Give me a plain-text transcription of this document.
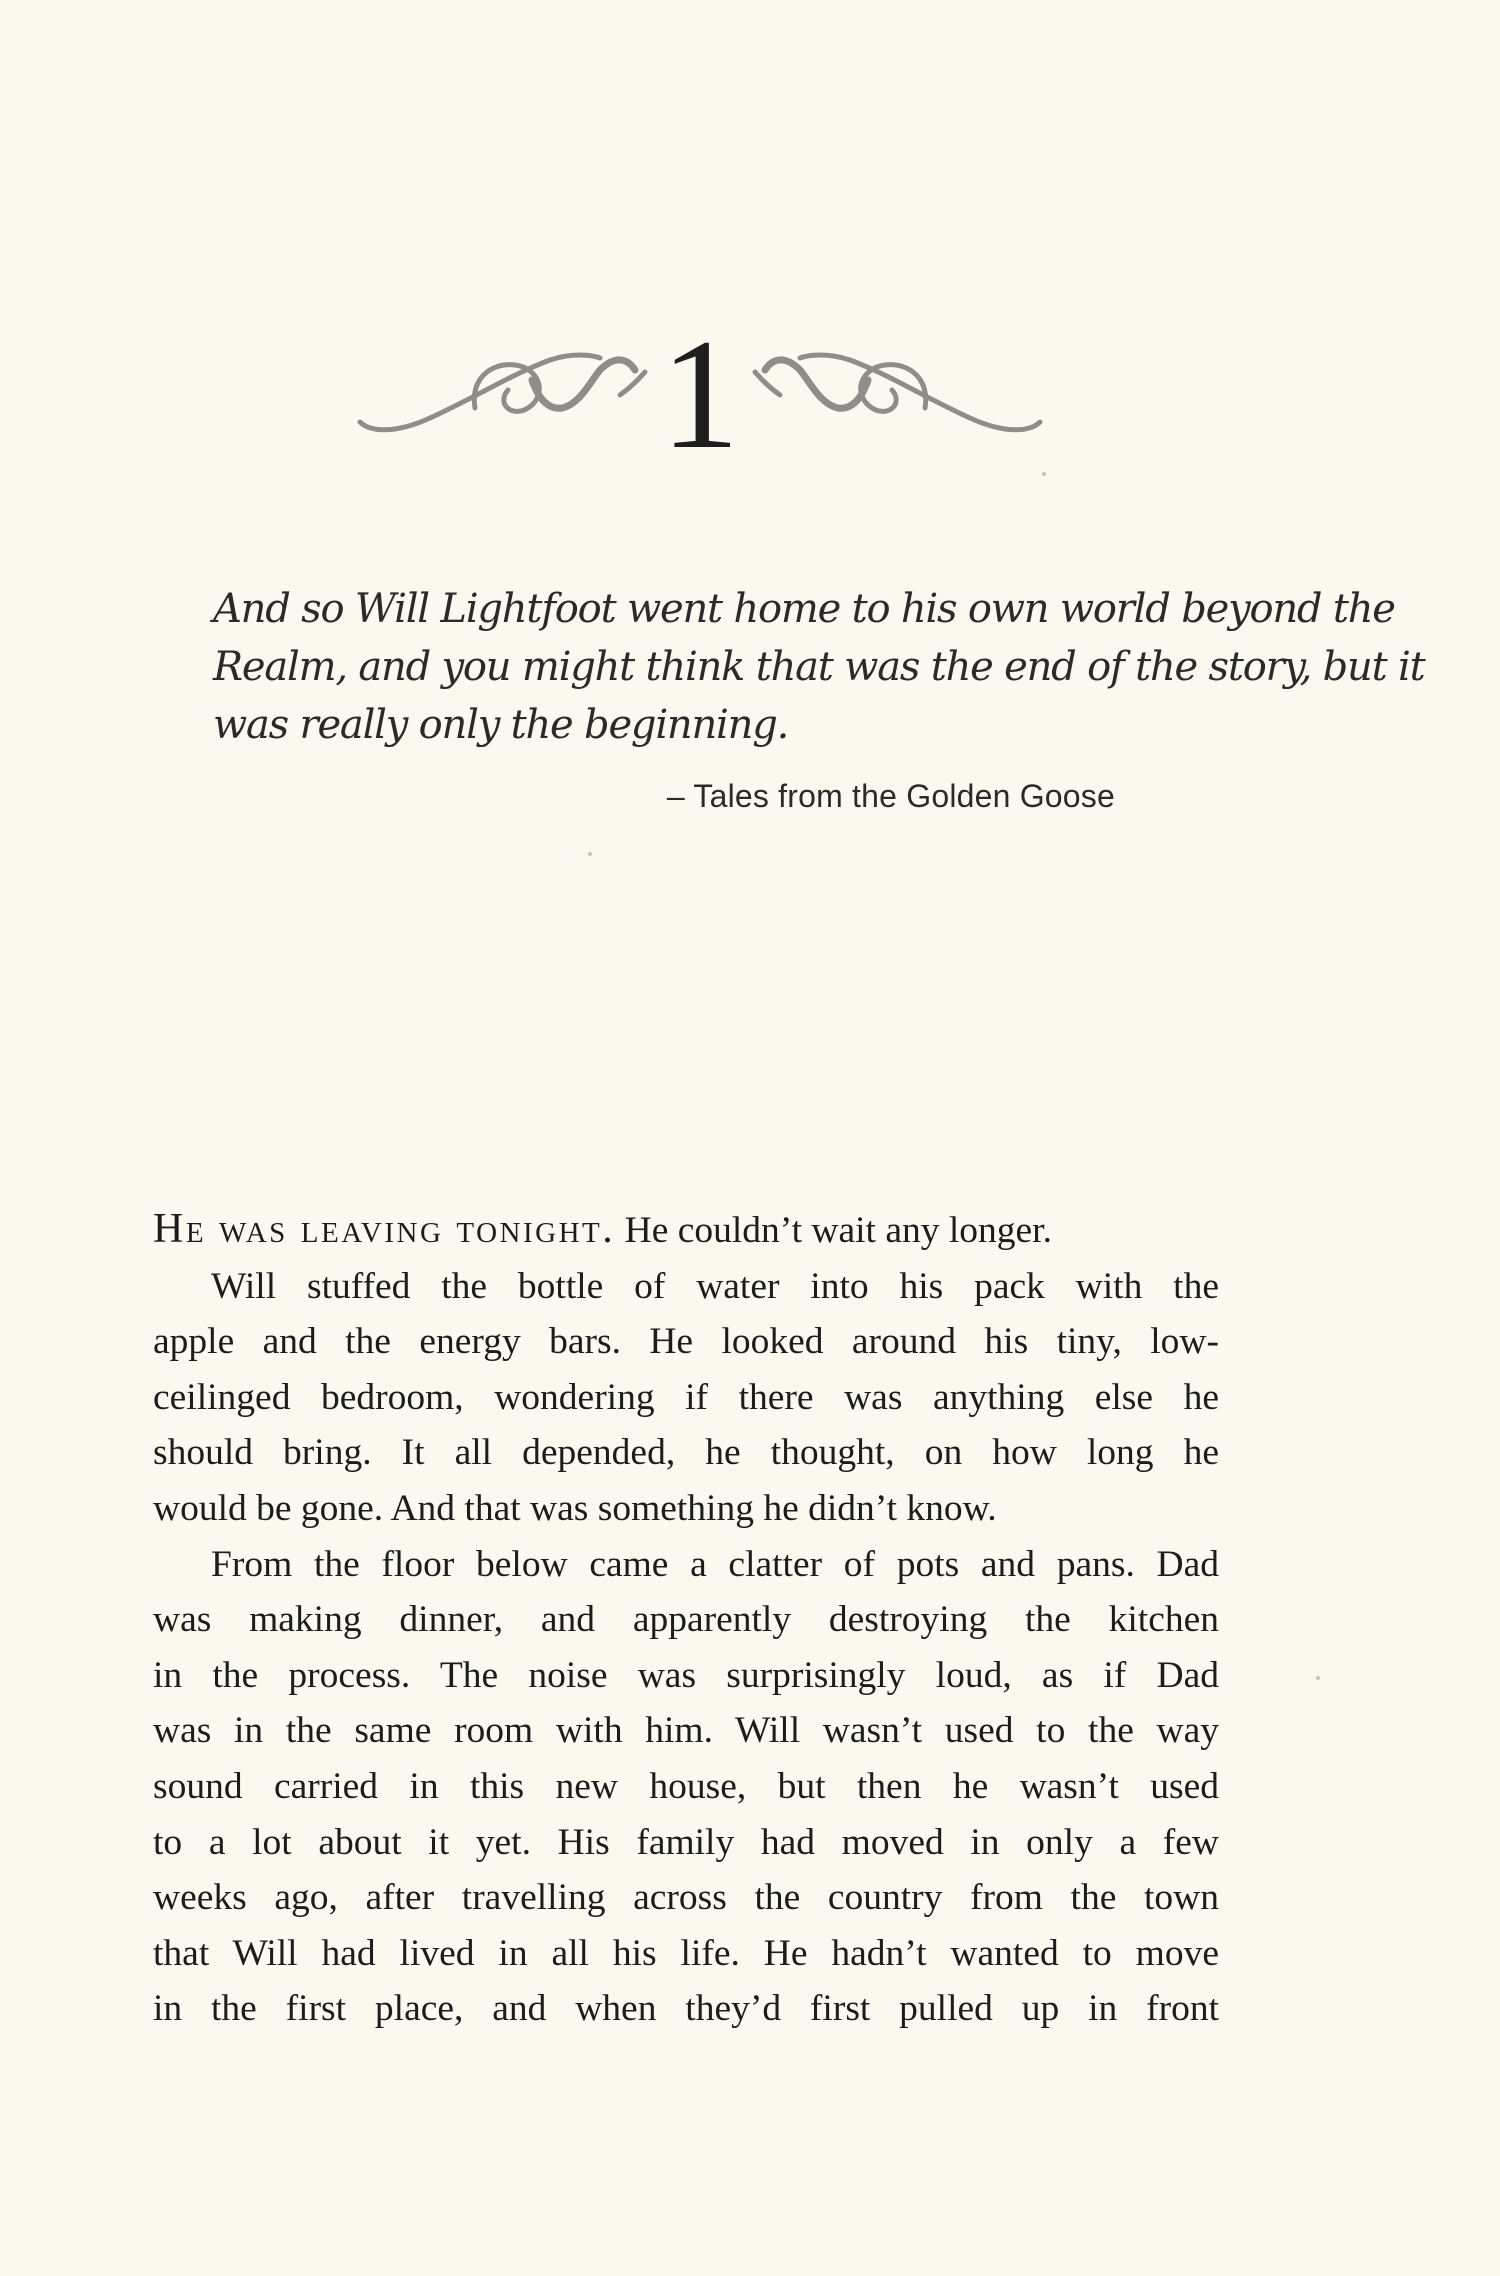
1

And so Will Lightfoot went home to his own world beyond the
Realm, and you might think that was the end of the story, but it
was really only the beginning.

– Tales from the Golden Goose

He was leaving tonight. He couldn’t wait any longer.

Will stuffed the bottle of water into his pack with the
apple and the energy bars. He looked around his tiny, low-
ceilinged bedroom, wondering if there was anything else he
should bring. It all depended, he thought, on how long he
would be gone. And that was something he didn’t know.

From the floor below came a clatter of pots and pans. Dad
was making dinner, and apparently destroying the kitchen
in the process. The noise was surprisingly loud, as if Dad
was in the same room with him. Will wasn’t used to the way
sound carried in this new house, but then he wasn’t used
to a lot about it yet. His family had moved in only a few
weeks ago, after travelling across the country from the town
that Will had lived in all his life. He hadn’t wanted to move
in the first place, and when they’d first pulled up in front
